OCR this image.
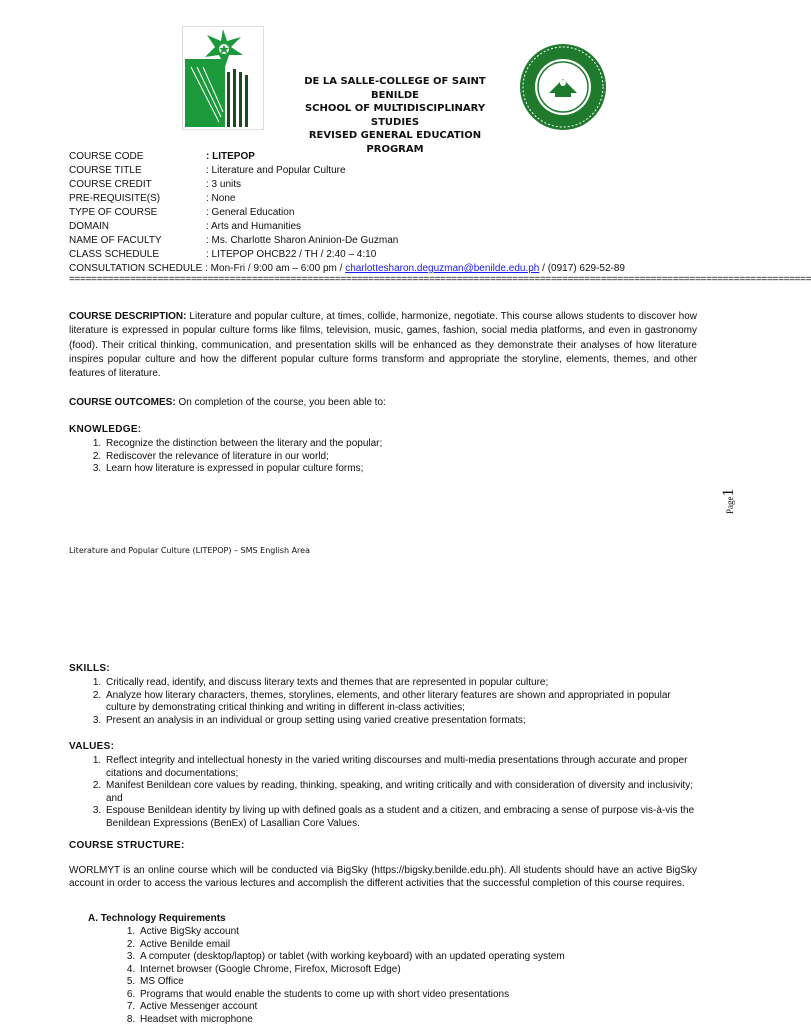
DE LA SALLE-COLLEGE OF SAINT BENILDE
SCHOOL OF MULTIDISCIPLINARY STUDIES
REVISED GENERAL EDUCATION PROGRAM
COURSE CODE	: LITEPOP
COURSE TITLE	: Literature and Popular Culture
COURSE CREDIT	: 3 units
PRE-REQUISITE(S)	: None
TYPE OF COURSE	: General Education
DOMAIN	: Arts and Humanities
NAME OF FACULTY	: Ms. Charlotte Sharon Aninion-De Guzman
CLASS SCHEDULE	: LITEPOP OHCB22 / TH / 2:40 – 4:10
CONSULTATION SCHEDULE : Mon-Fri / 9:00 am – 6:00 pm / charlottesharon.deguzman@benilde.edu.ph / (0917) 629-52-89
======================================================================================================================================
COURSE DESCRIPTION: Literature and popular culture, at times, collide, harmonize, negotiate. This course allows students to discover how literature is expressed in popular culture forms like films, television, music, games, fashion, social media platforms, and even in gastronomy (food). Their critical thinking, communication, and presentation skills will be enhanced as they demonstrate their analyses of how literature inspires popular culture and how the different popular culture forms transform and appropriate the storyline, elements, themes, and other features of literature.
COURSE OUTCOMES: On completion of the course, you been able to:
KNOWLEDGE:
1. Recognize the distinction between the literary and the popular;
2. Rediscover the relevance of literature in our world;
3. Learn how literature is expressed in popular culture forms;
Page1
Literature and Popular Culture (LITEPOP) – SMS English Area
SKILLS:
1. Critically read, identify, and discuss literary texts and themes that are represented in popular culture;
2. Analyze how literary characters, themes, storylines, elements, and other literary features are shown and appropriated in popular culture by demonstrating critical thinking and writing in different in-class activities;
3. Present an analysis in an individual or group setting using varied creative presentation formats;
VALUES:
1. Reflect integrity and intellectual honesty in the varied writing discourses and multi-media presentations through accurate and proper citations and documentations;
2. Manifest Benildean core values by reading, thinking, speaking, and writing critically and with consideration of diversity and inclusivity; and
3. Espouse Benildean identity by living up with defined goals as a student and a citizen, and embracing a sense of purpose vis-à-vis the Benildean Expressions (BenEx) of Lasallian Core Values.
COURSE STRUCTURE:
WORLMYT is an online course which will be conducted via BigSky (https://bigsky.benilde.edu.ph). All students should have an active BigSky account in order to access the various lectures and accomplish the different activities that the successful completion of this course requires.
A. Technology Requirements
1. Active BigSky account
2. Active Benilde email
3. A computer (desktop/laptop) or tablet (with working keyboard) with an updated operating system
4. Internet browser (Google Chrome, Firefox, Microsoft Edge)
5. MS Office
6. Programs that would enable the students to come up with short video presentations
7. Active Messenger account
8. Headset with microphone
